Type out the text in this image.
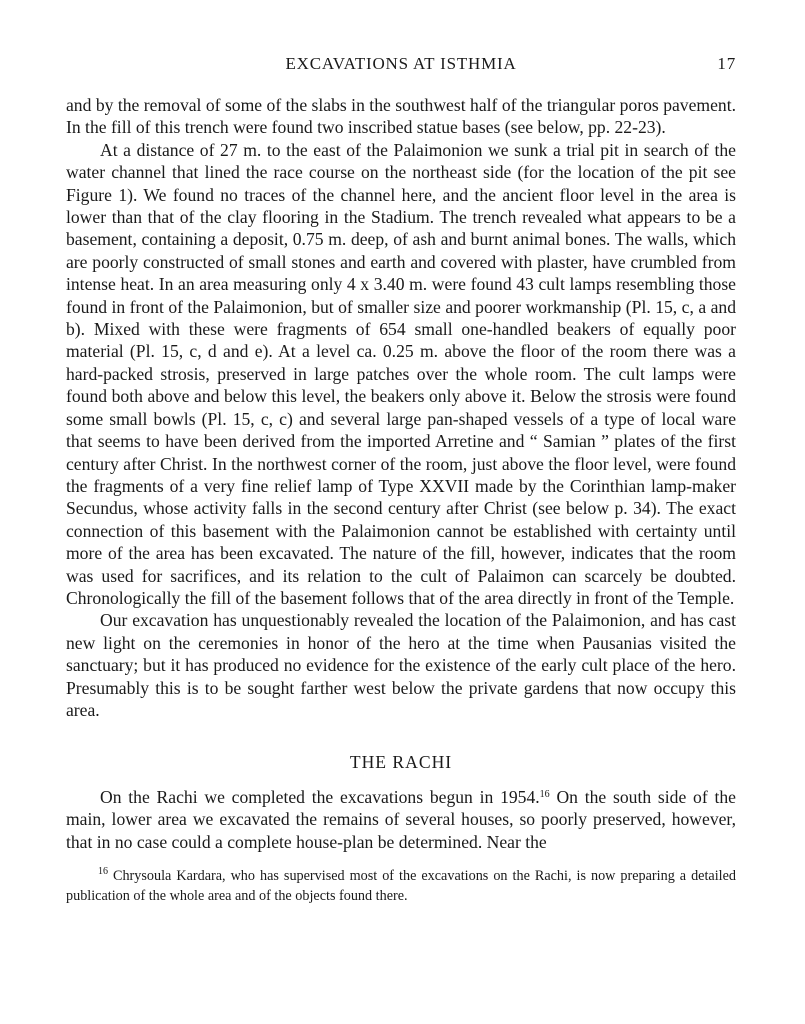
EXCAVATIONS AT ISTHMIA	17

and by the removal of some of the slabs in the southwest half of the triangular poros pavement. In the fill of this trench were found two inscribed statue bases (see below, pp. 22-23).

At a distance of 27 m. to the east of the Palaimonion we sunk a trial pit in search of the water channel that lined the race course on the northeast side (for the location of the pit see Figure 1). We found no traces of the channel here, and the ancient floor level in the area is lower than that of the clay flooring in the Stadium. The trench revealed what appears to be a basement, containing a deposit, 0.75 m. deep, of ash and burnt animal bones. The walls, which are poorly constructed of small stones and earth and covered with plaster, have crumbled from intense heat. In an area measuring only 4 x 3.40 m. were found 43 cult lamps resembling those found in front of the Palaimonion, but of smaller size and poorer workmanship (Pl. 15, c, a and b). Mixed with these were fragments of 654 small one-handled beakers of equally poor material (Pl. 15, c, d and e). At a level ca. 0.25 m. above the floor of the room there was a hard-packed strosis, preserved in large patches over the whole room. The cult lamps were found both above and below this level, the beakers only above it. Below the strosis were found some small bowls (Pl. 15, c, c) and several large pan-shaped vessels of a type of local ware that seems to have been derived from the imported Arretine and “ Samian ” plates of the first century after Christ. In the northwest corner of the room, just above the floor level, were found the fragments of a very fine relief lamp of Type XXVII made by the Corinthian lamp-maker Secundus, whose activity falls in the second century after Christ (see below p. 34). The exact connection of this basement with the Palaimonion cannot be established with certainty until more of the area has been excavated. The nature of the fill, however, indicates that the room was used for sacrifices, and its relation to the cult of Palaimon can scarcely be doubted. Chronologically the fill of the basement follows that of the area directly in front of the Temple.

Our excavation has unquestionably revealed the location of the Palaimonion, and has cast new light on the ceremonies in honor of the hero at the time when Pausanias visited the sanctuary; but it has produced no evidence for the existence of the early cult place of the hero. Presumably this is to be sought farther west below the private gardens that now occupy this area.

THE RACHI

On the Rachi we completed the excavations begun in 1954.16 On the south side of the main, lower area we excavated the remains of several houses, so poorly preserved, however, that in no case could a complete house-plan be determined. Near the

$^{16}$ Chrysoula Kardara, who has supervised most of the excavations on the Rachi, is now preparing a detailed publication of the whole area and of the objects found there.
